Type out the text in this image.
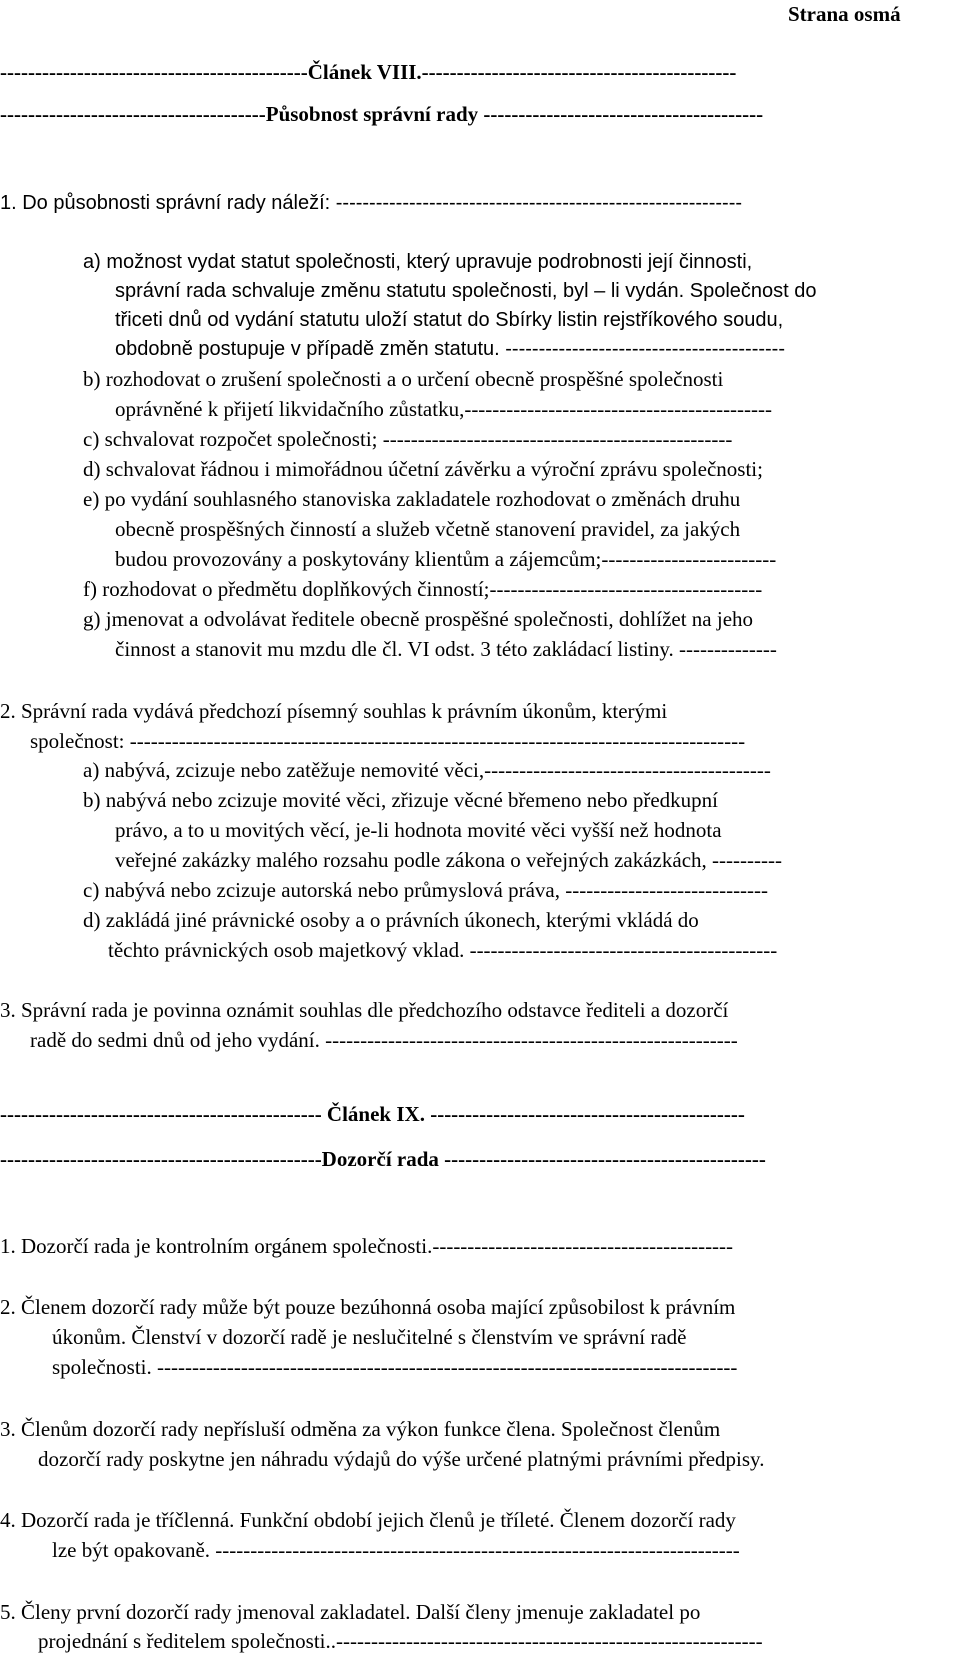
Strana osmá
--------------------------------------------Článek VIII.---------------------------------------------
--------------------------------------Působnost správní rady ----------------------------------------
1. Do působnosti správní rady náleží: -------------------------------------------------------------
a) možnost vydat statut společnosti, který upravuje podrobnosti její činnosti,
správní rada schvaluje změnu statutu společnosti, byl – li vydán. Společnost do
třiceti dnů od vydání statutu uloží statut do Sbírky listin rejstříkového soudu,
obdobně postupuje v případě změn statutu. ------------------------------------------
b) rozhodovat o zrušení společnosti a o určení obecně prospěšné společnosti
oprávněné k přijetí likvidačního zůstatku,--------------------------------------------
c) schvalovat rozpočet společnosti; --------------------------------------------------
d) schvalovat řádnou i mimořádnou účetní závěrku a výroční zprávu společnosti;
e) po vydání souhlasného stanoviska zakladatele rozhodovat o změnách druhu
obecně prospěšných činností a služeb včetně stanovení pravidel, za jakých
budou provozovány a poskytovány klientům a zájemcům;-------------------------
f) rozhodovat o předmětu doplňkových činností;---------------------------------------
g) jmenovat a odvolávat ředitele obecně prospěšné společnosti, dohlížet na jeho
činnost a stanovit mu mzdu dle čl. VI odst. 3 této zakládací listiny. --------------
2. Správní rada vydává předchozí písemný souhlas k právním úkonům, kterými
společnost: ----------------------------------------------------------------------------------------
a) nabývá, zcizuje nebo zatěžuje nemovité věci,-----------------------------------------
b) nabývá nebo zcizuje movité věci, zřizuje věcné břemeno nebo předkupní
právo, a to u movitých věcí, je-li hodnota movité věci vyšší než hodnota
veřejné zakázky malého rozsahu podle zákona o veřejných zakázkách, ----------
c) nabývá nebo zcizuje autorská nebo průmyslová práva, -----------------------------
d) zakládá jiné právnické osoby a o právních úkonech, kterými vkládá do
těchto právnických osob majetkový vklad. --------------------------------------------
3. Správní rada je povinna oznámit souhlas dle předchozího odstavce řediteli a dozorčí
radě do sedmi dnů od jeho vydání. -----------------------------------------------------------
---------------------------------------------- Článek IX. ---------------------------------------------
----------------------------------------------Dozorčí rada ----------------------------------------------
1. Dozorčí rada je kontrolním orgánem společnosti.-------------------------------------------
2. Členem dozorčí rady může být pouze bezúhonná osoba mající způsobilost k právním
úkonům. Členství v dozorčí radě je neslučitelné s členstvím ve správní radě
společnosti. -----------------------------------------------------------------------------------
3. Členům dozorčí rady nepřísluší odměna za výkon funkce člena. Společnost členům
dozorčí rady poskytne jen náhradu výdajů do výše určené platnými právními předpisy.
4. Dozorčí rada je tříčlenná. Funkční období jejich členů je tříleté. Členem dozorčí rady
lze být opakovaně. ---------------------------------------------------------------------------
5. Členy první dozorčí rady jmenoval zakladatel. Další členy jmenuje zakladatel po
projednání s ředitelem společnosti..-------------------------------------------------------------
